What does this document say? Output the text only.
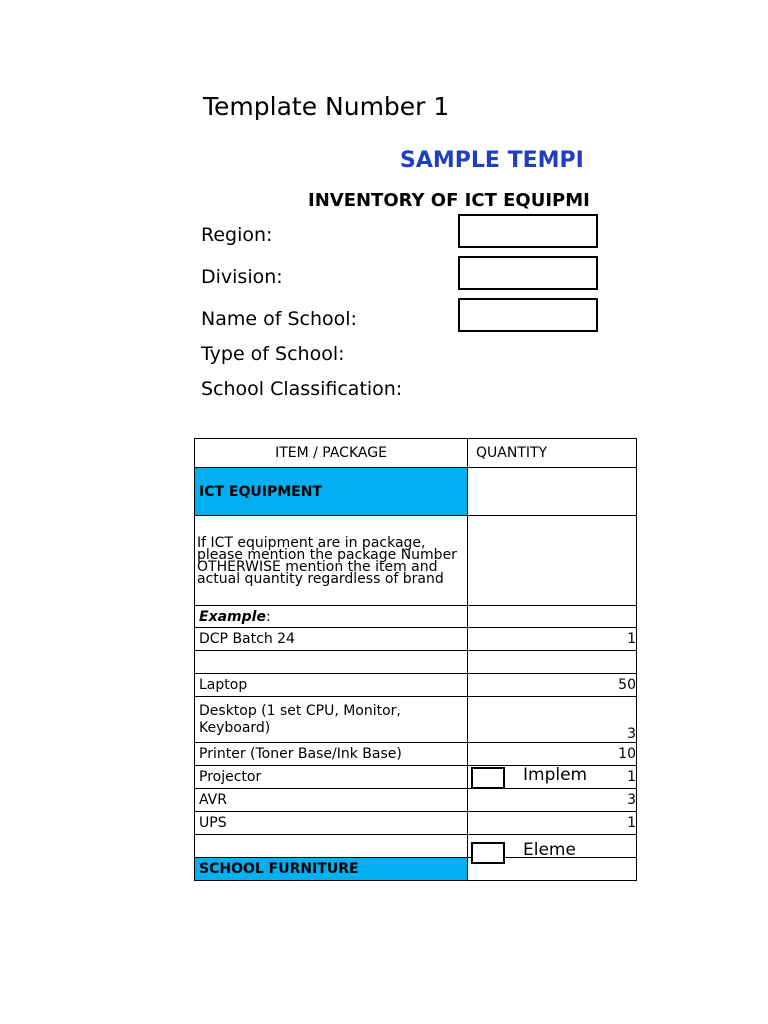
Template Number 1
SAMPLE TEMPI
INVENTORY OF ICT EQUIPMI
Region:
Division:
Name of School:
Type of School:
School Classification:
ITEM / PACKAGE	QUANTITY
ICT EQUIPMENT	
If ICT equipment are in package, please mention the package Number OTHERWISE mention the item and actual quantity regardless of brand	
Example:	
DCP Batch 24	1

Laptop	50
Desktop (1 set CPU, Monitor, Keyboard)	3
Printer (Toner Base/Ink Base)	10
Projector	1
AVR	3
UPS	1

SCHOOL FURNITURE	
Implem
Eleme
